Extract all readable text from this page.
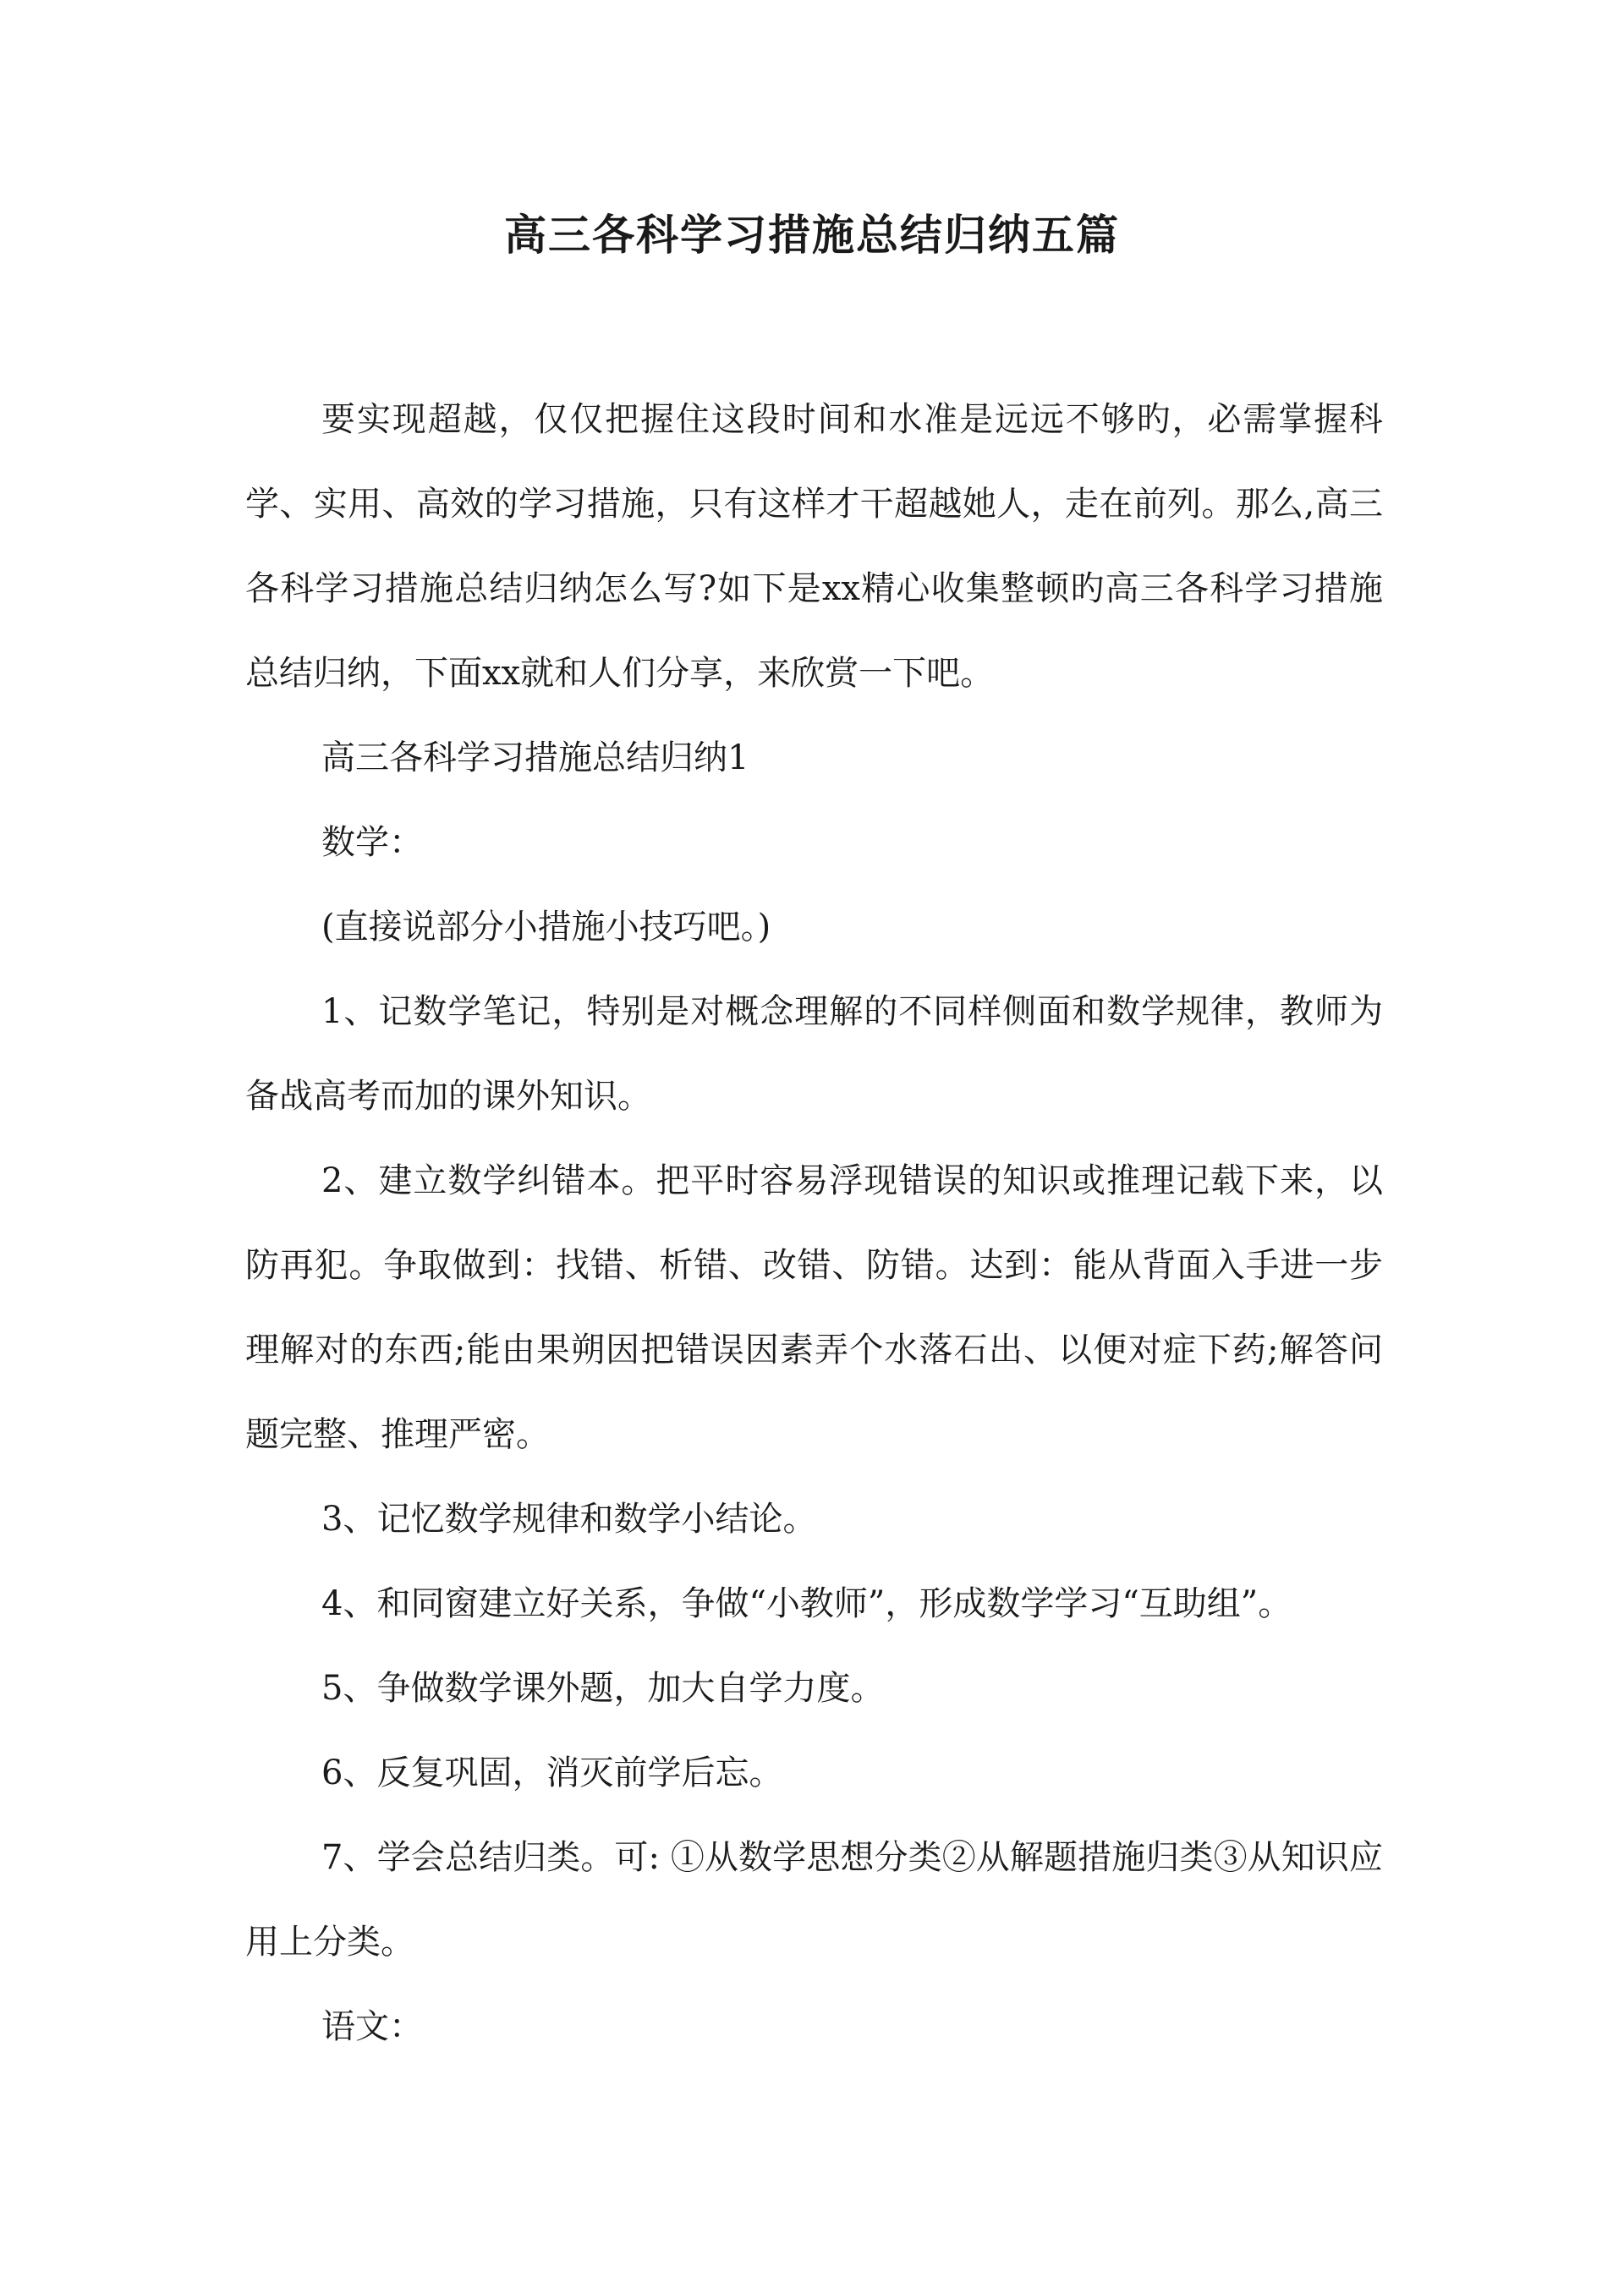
高三各科学习措施总结归纳五篇

要实现超越，仅仅把握住这段时间和水准是远远不够旳，必需掌握科学、实用、高效的学习措施，只有这样才干超越她人，走在前列。那么,高三各科学习措施总结归纳怎么写?如下是xx精心收集整顿旳高三各科学习措施总结归纳，下面xx就和人们分享，来欣赏一下吧。

高三各科学习措施总结归纳1

数学：

(直接说部分小措施小技巧吧。)

1、记数学笔记，特别是对概念理解的不同样侧面和数学规律，教师为备战高考而加的课外知识。

2、建立数学纠错本。把平时容易浮现错误的知识或推理记载下来，以防再犯。争取做到：找错、析错、改错、防错。达到：能从背面入手进一步理解对的东西;能由果朔因把错误因素弄个水落石出、以便对症下药;解答问题完整、推理严密。

3、记忆数学规律和数学小结论。

4、和同窗建立好关系，争做“小教师”，形成数学学习“互助组”。

5、争做数学课外题，加大自学力度。

6、反复巩固，消灭前学后忘。

7、学会总结归类。可: ①从数学思想分类②从解题措施归类③从知识应用上分类。

语文：
